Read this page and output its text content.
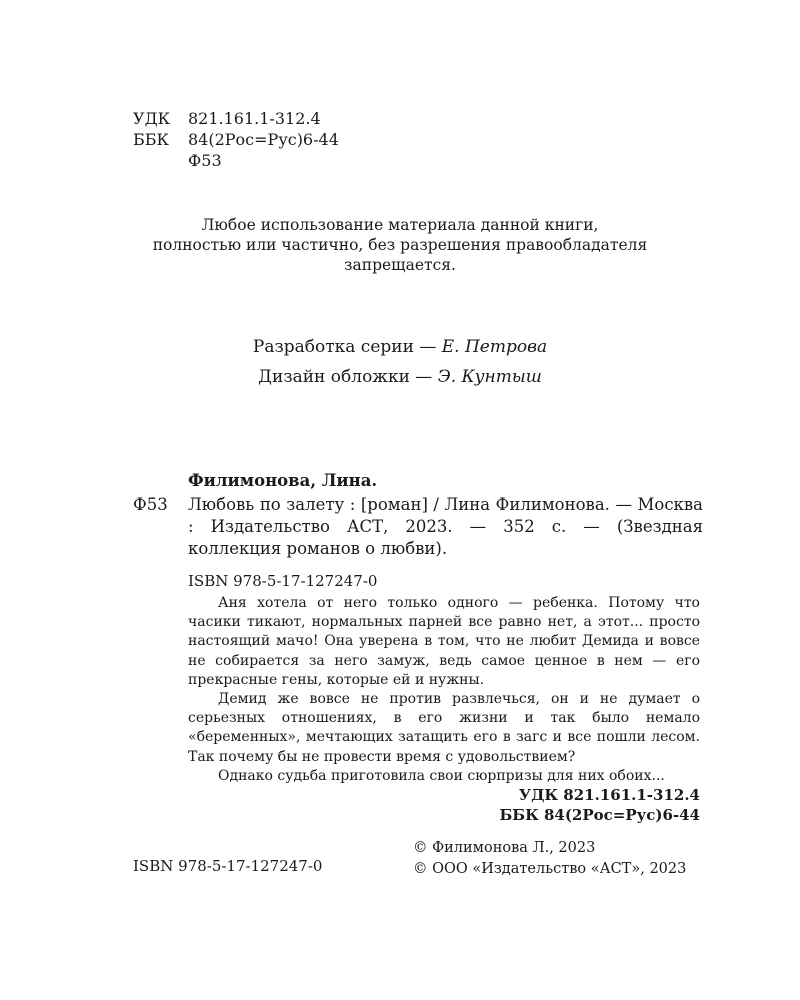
УДК	821.161.1-312.4
ББК	84(2Рос=Рус)6-44
Ф53
Любое использование материала данной книги,
полностью или частично, без разрешения правообладателя
запрещается.
Разработка серии — Е. Петрова
Дизайн обложки — Э. Кунтыш
Филимонова, Лина.
Ф53	Любовь по залету : [роман] / Лина Филимонова. — Москва : Издательство АСТ, 2023. — 352 с. — (Звездная коллекция романов о любви).
ISBN 978-5-17-127247-0

Аня хотела от него только одного — ребенка. Потому что часики тикают, нормальных парней все равно нет, а этот... просто настоящий мачо! Она уверена в том, что не любит Демида и вовсе не собирается за него замуж, ведь самое ценное в нем — его прекрасные гены, которые ей и нужны.

Демид же вовсе не против развлечься, он и не думает о серьезных отношениях, в его жизни и так было немало «беременных», мечтающих затащить его в загс и все пошли лесом. Так почему бы не провести время с удовольствием?

Однако судьба приготовила свои сюрпризы для них обоих...

УДК 821.161.1-312.4
ББК 84(2Рос=Рус)6-44
ISBN 978-5-17-127247-0
© Филимонова Л., 2023
© ООО «Издательство «АСТ», 2023
